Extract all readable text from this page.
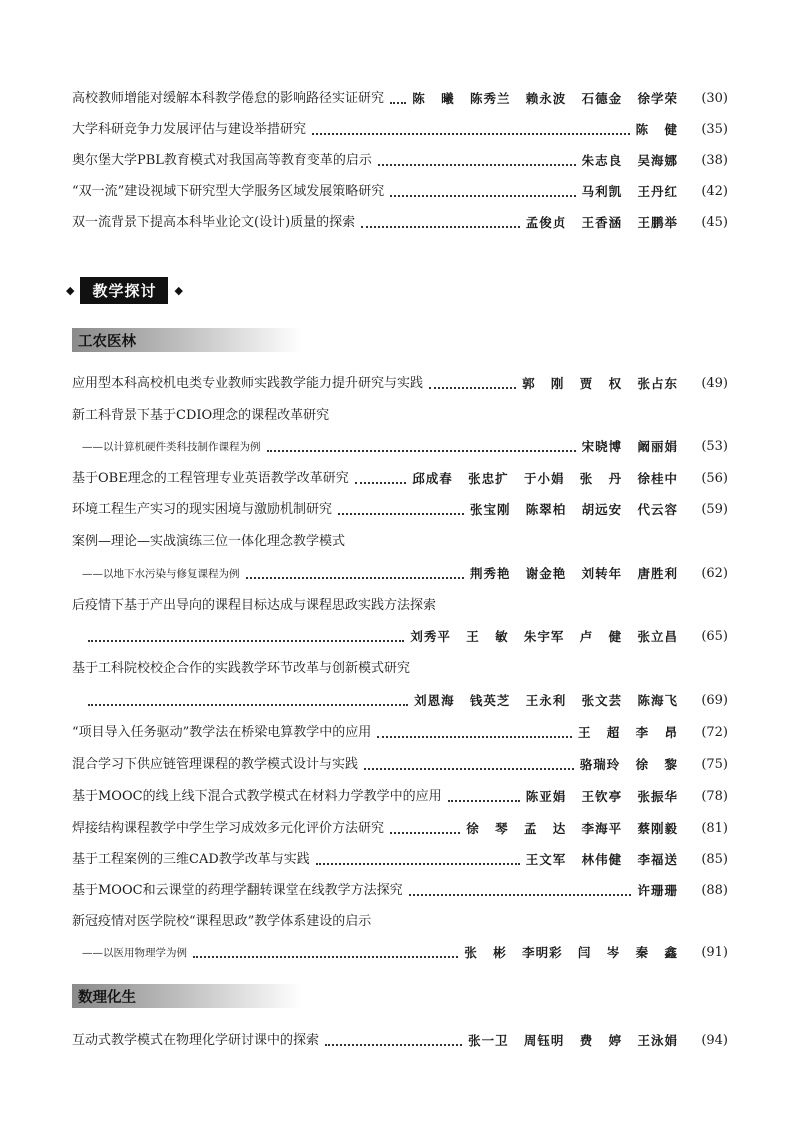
高校教师增能对缓解本科教学倦怠的影响路径实证研究 陈 曦 陈秀兰 赖永波 石德金 徐学荣	(30)
大学科研竞争力发展评估与建设举措研究	陈 健	(35)
奥尔堡大学PBL教育模式对我国高等教育变革的启示	朱志良 吴海娜	(38)
“双一流”建设视域下研究型大学服务区域发展策略研究	马利凯 王丹红	(42)
双一流背景下提高本科毕业论文(设计)质量的探索	孟俊贞 王香涵 王鹏举	(45)
◆	教学探讨	◆
工农医林
应用型本科高校机电类专业教师实践教学能力提升研究与实践	郭 刚 贾 权 张占东	(49)
新工科背景下基于CDIO理念的课程改革研究
——以计算机硬件类科技制作课程为例	宋晓博 阚丽娟	(53)
基于OBE理念的工程管理专业英语教学改革研究	邱成春 张忠扩 于小娟 张 丹 徐桂中	(56)
环境工程生产实习的现实困境与激励机制研究	张宝刚 陈翠柏 胡远安 代云容	(59)
案例—理论—实战演练三位一体化理念教学模式
——以地下水污染与修复课程为例	荆秀艳 谢金艳 刘转年 唐胜利	(62)
后疫情下基于产出导向的课程目标达成与课程思政实践方法探索
刘秀平 王 敏 朱宇军 卢 健 张立昌	(65)
基于工科院校校企合作的实践教学环节改革与创新模式研究
刘恩海 钱英芝 王永利 张文芸 陈海飞	(69)
“项目导入任务驱动”教学法在桥梁电算教学中的应用	王 超 李 昂	(72)
混合学习下供应链管理课程的教学模式设计与实践	骆瑞玲 徐 黎	(75)
基于MOOC的线上线下混合式教学模式在材料力学教学中的应用	陈亚娟 王钦亭 张振华	(78)
焊接结构课程教学中学生学习成效多元化评价方法研究	徐 琴 孟 达 李海平 蔡刚毅	(81)
基于工程案例的三维CAD教学改革与实践	王文军 林伟健 李福送	(85)
基于MOOC和云课堂的药理学翻转课堂在线教学方法探究	许珊珊	(88)
新冠疫情对医学院校“课程思政”教学体系建设的启示
——以医用物理学为例	张 彬 李明彩 闫 岑 秦 鑫	(91)
数理化生
互动式教学模式在物理化学研讨课中的探索	张一卫 周钰明 费 婷 王泳娟	(94)
